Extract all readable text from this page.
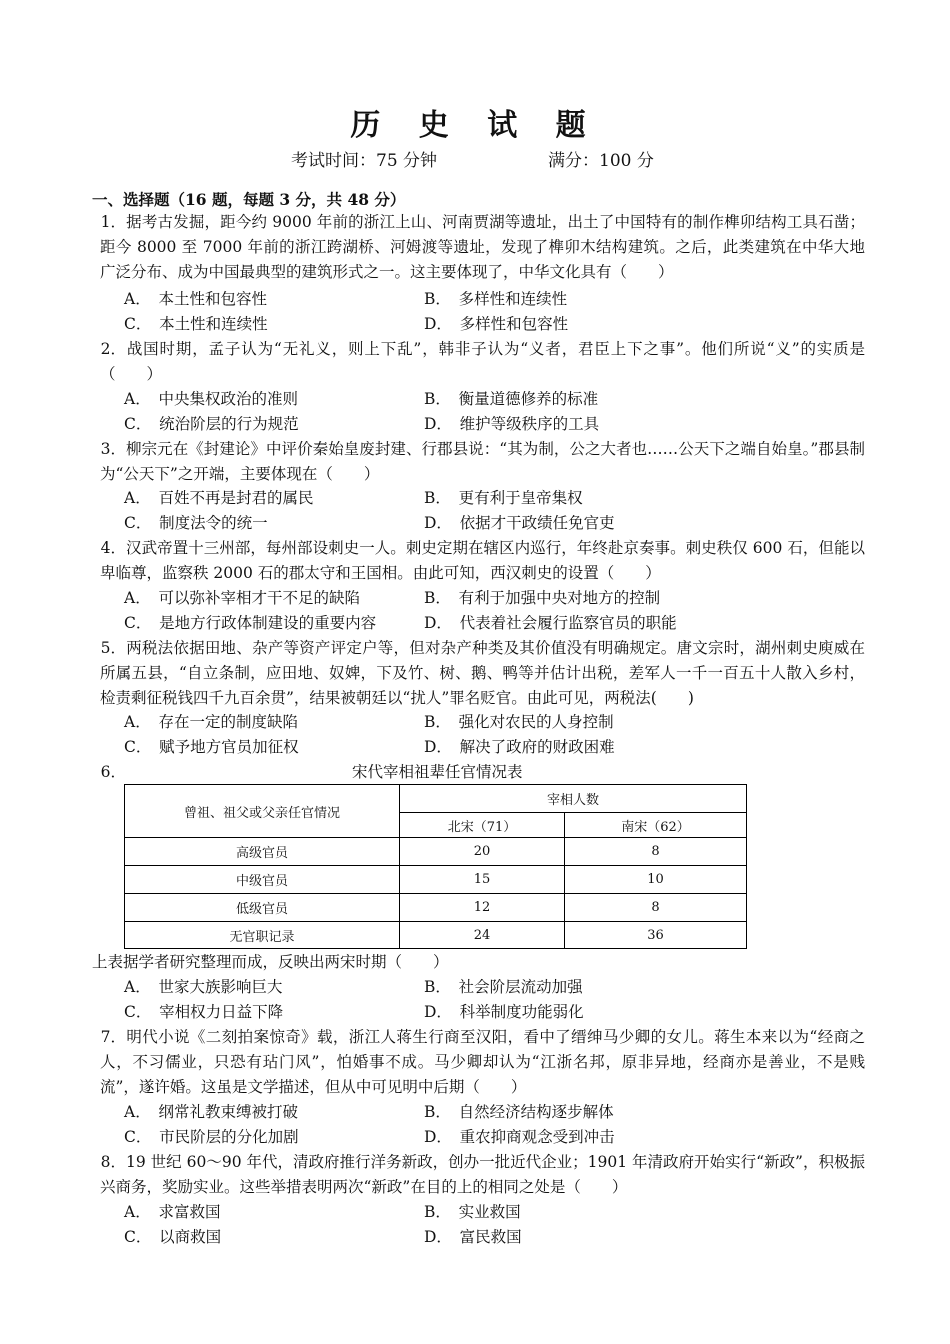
历 史 试 题
考试时间：75 分钟	满分：100 分
一、选择题（16 题，每题 3 分，共 48 分）
1．据考古发掘，距今约 9000 年前的浙江上山、河南贾湖等遗址，出土了中国特有的制作榫卯结构工具石凿；距今 8000 至 7000 年前的浙江跨湖桥、河姆渡等遗址，发现了榫卯木结构建筑。之后，此类建筑在中华大地广泛分布、成为中国最典型的建筑形式之一。这主要体现了，中华文化具有（　　）
A．　本土性和包容性	B．　多样性和连续性
C．　本土性和连续性	D．　多样性和包容性
2．战国时期，孟子认为“无礼义，则上下乱”，韩非子认为“义者，君臣上下之事”。他们所说“义”的实质是（　　）
A．　中央集权政治的准则	B．　衡量道德修养的标准
C．　统治阶层的行为规范	D．　维护等级秩序的工具
3．柳宗元在《封建论》中评价秦始皇废封建、行郡县说：“其为制，公之大者也……公天下之端自始皇。”郡县制为“公天下”之开端，主要体现在（　　）
A．　百姓不再是封君的属民	B．　更有利于皇帝集权
C．　制度法令的统一	D．　依据才干政绩任免官吏
4．汉武帝置十三州部，每州部设刺史一人。刺史定期在辖区内巡行，年终赴京奏事。刺史秩仅 600 石，但能以卑临尊，监察秩 2000 石的郡太守和王国相。由此可知，西汉刺史的设置（　　）
A．　可以弥补宰相才干不足的缺陷	B．　有利于加强中央对地方的控制
C．　是地方行政体制建设的重要内容	D．　代表着社会履行监察官员的职能
5．两税法依据田地、杂产等资产评定户等，但对杂产种类及其价值没有明确规定。唐文宗时，湖州刺史庾威在所属五县，“自立条制，应田地、奴婢，下及竹、树、鹅、鸭等并估计出税，差军人一千一百五十人散入乡村，检责剩征税钱四千九百余贯”，结果被朝廷以“扰人”罪名贬官。由此可见，两税法(　　)
A．　存在一定的制度缺陷	B．　强化对农民的人身控制
C．　赋予地方官员加征权	D．　解决了政府的财政困难
6．	宋代宰相祖辈任官情况表
曾祖、祖父或父亲任官情况	宰相人数	
	北宋（71）	南宋（62）
高级官员	20	8
中级官员	15	10
低级官员	12	8
无官职记录	24	36
上表据学者研究整理而成，反映出两宋时期（　　）
A．　世家大族影响巨大	B．　社会阶层流动加强
C．　宰相权力日益下降	D．　科举制度功能弱化
7．明代小说《二刻拍案惊奇》载，浙江人蒋生行商至汉阳，看中了缙绅马少卿的女儿。蒋生本来以为“经商之人，不习儒业，只恐有玷门风”，怕婚事不成。马少卿却认为“江浙名邦，原非异地，经商亦是善业，不是贱流”，遂许婚。这虽是文学描述，但从中可见明中后期（　　）
A．　纲常礼教束缚被打破	B．　自然经济结构逐步解体
C．　市民阶层的分化加剧	D．　重农抑商观念受到冲击
8．19 世纪 60～90 年代，清政府推行洋务新政，创办一批近代企业；1901 年清政府开始实行“新政”，积极振兴商务，奖励实业。这些举措表明两次“新政”在目的上的相同之处是（　　）
A．　求富救国	B．　实业救国
C．　以商救国	D．　富民救国
